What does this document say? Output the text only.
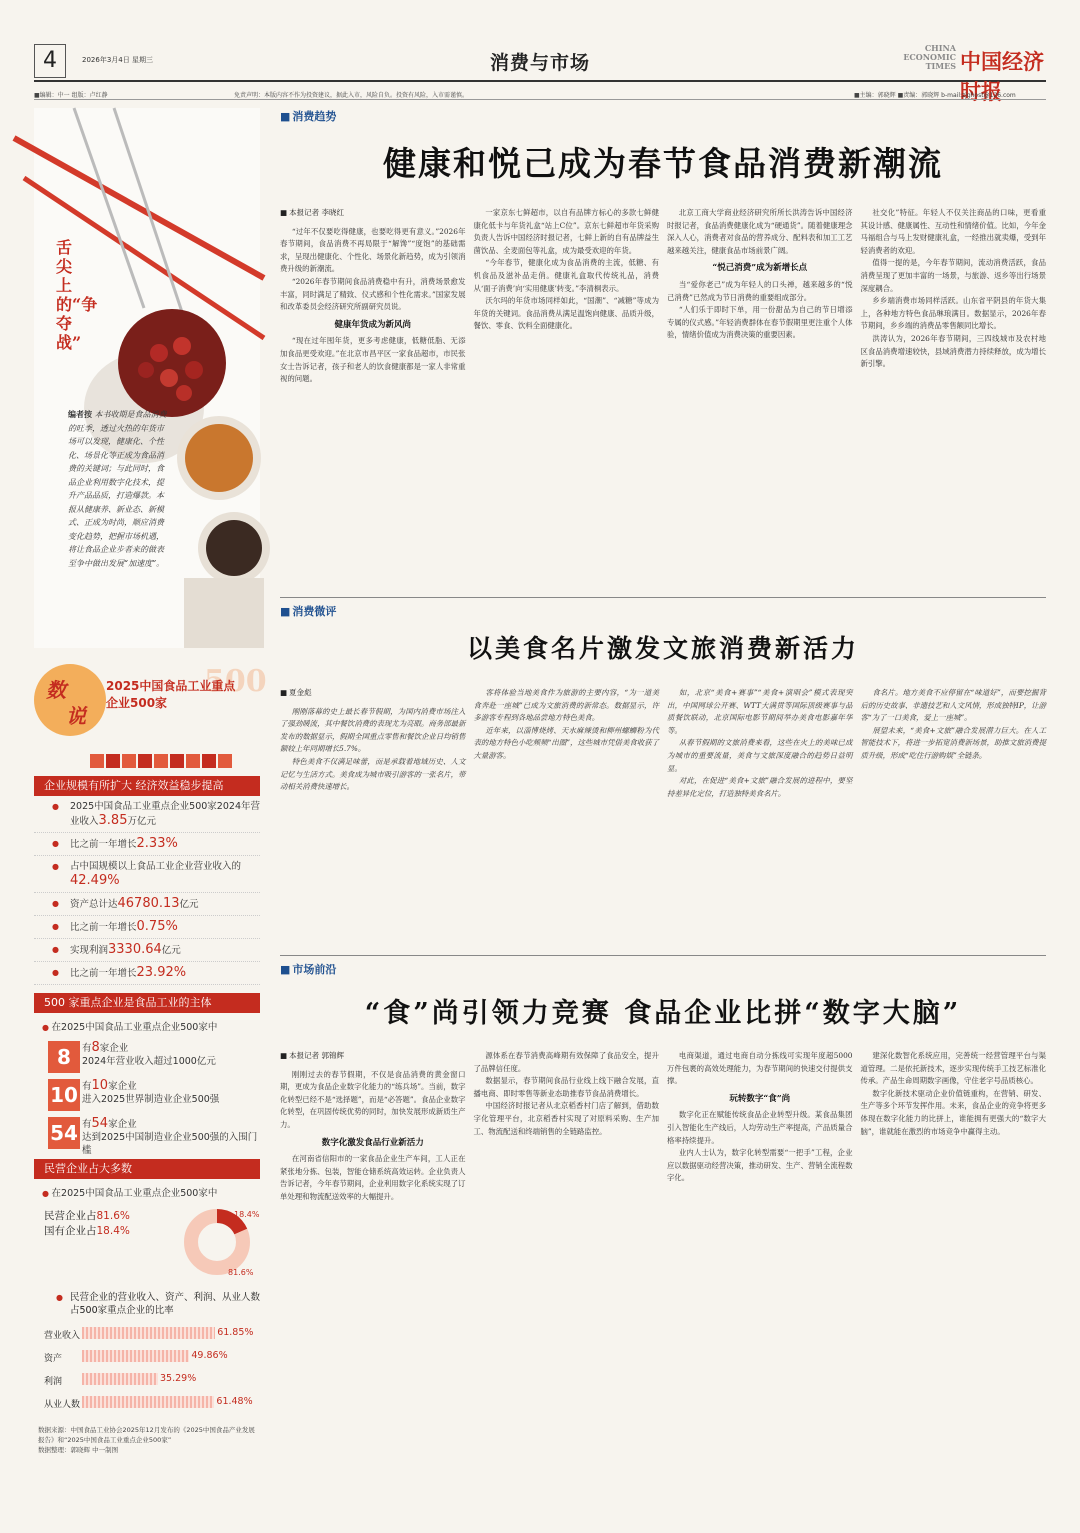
4	2026年3月4日 星期三	消费与市场
CHINA ECONOMIC TIMES 中国经济时报
■编辑：中一 组版：卢红静	免责声明：本版内容不作为投资建议，据此入市，风险自负。投资有风险，入市需谨慎。	■主编：郭晓辉 ■责编：郭晓辉 b-mail:zjghost@126.com
舌尖上的“争夺战”
编者按 本书收期是食品消费的旺季，透过火热的年货市场可以发现，健康化、个性化、场景化等正成为食品消费的关键词；与此同时，食品企业利用数字化技术，提升产品品质，打造爆款。本报从健康养、新业态、新模式、正成为时尚，顺应消费变化趋势，把握市场机遇，将让食品企业步者来的做表至争中做出发展“加速度”。
数
说
500
2025中国食品工业重点企业500家
企业规模有所扩大 经济效益稳步提高
● 2025中国食品工业重点企业500家2024年营业收入3.85万亿元
● 比之前一年增长2.33%
● 占中国规模以上食品工业企业营业收入的42.49%
● 资产总计达46780.13亿元
● 比之前一年增长0.75%
● 实现利润3330.64亿元
● 比之前一年增长23.92%
500 家重点企业是食品工业的主体
● 在2025中国食品工业重点企业500家中
8	有8家企业
2024年营业收入超过1000亿元
10 有10家企业
进入2025世界制造业企业500强
54 有54家企业
达到2025中国制造业企业500强的入围门槛
民营企业占大多数
● 在2025中国食品工业重点企业500家中
民营企业占81.6%
国有企业占18.4%
18.4%
81.6%
● 民营企业的营业收入、资产、利润、从业人数占500家重点企业的比率
营业收入	61.85%
资产	49.86%
利润	35.29%
从业人数	61.48%
数据来源：中国食品工业协会2025年12月发布的《2025中国食品产业发展报告》和“2025中国食品工业重点企业500家”
数据整理：郭晓辉 中一制图
■ 消费趋势
健康和悦己成为春节食品消费新潮流
■ 本报记者 李晓红

“过年不仅要吃得健康，也要吃得更有意义。”2026年春节期间，食品消费不再局限于“解馋”“度饱”的基础需求，呈现出健康化、个性化、场景化新趋势，成为引领消费升级的新潮流。

“2026年春节期间食品消费稳中有升，消费场景愈发丰富，同时满足了精致、仪式感和个性化需求。”国家发展和改革委员会经济研究所副研究员说。

健康年货成为新风尚

“现在过年囤年货，更多考虑健康，低糖低脂、无添加食品更受欢迎。”在北京市昌平区一家食品超市，市民张女士告诉记者，孩子和老人的饮食健康都是一家人非常重视的问题。

一家京东七鲜超市，以自有品牌方标心的多款七鲜健康化低卡与年货礼盒“站上C位”。京东七鲜超市年货采购负责人告诉中国经济时报记者，七鲜上新的自有品牌益生菌饮品、全麦面包等礼盒，成为最受欢迎的年货。

“今年春节，健康化成为食品消费的主流，低糖、有机食品及滋补品走俏。健康礼盒取代传统礼品，消费从‘面子消费’向‘实用健康’转变。”李清桐表示。

沃尔玛的年货市场同样如此，“国潮”、“减糖”等成为年货的关键词。食品消费从满足温饱向健康、品质升级，餐饮、零食、饮料全面健康化。

北京工商大学商业经济研究所所长洪涛告诉中国经济时报记者，食品消费健康化成为“硬通货”。随着健康理念深入人心，消费者对食品的营养成分、配料表和加工工艺越来越关注，健康食品市场前景广阔。

“悦己消费”成为新增长点

当“爱你老己”成为年轻人的口头禅，越来越多的“悦己消费”已然成为节日消费的重要组成部分。

“人们乐于即时下单，用一份甜品为自己的节日增添专属的仪式感。”年轻消费群体在春节假期里更注重个人体验，情绪价值成为消费决策的重要因素。

社交化”特征。年轻人不仅关注商品的口味，更看重其设计感、健康属性、互动性和情绪价值。比如，今年金马福组合与马上发财健康礼盒，一经推出就卖爆，受到年轻消费者的欢迎。

值得一提的是，今年春节期间，流动消费活跃，食品消费呈现了更加丰富的一场景，与旅游、返乡等出行场景深度耦合。

乡乡端消费市场同样活跃。山东省平阴县的年货大集上，各种地方特色食品琳琅满目。数据显示，2026年春节期间，乡乡端的消费品零售额同比增长。

洪涛认为，2026年春节期间，三四线城市及农村地区食品消费增速较快，县域消费潜力持续释放，成为增长新引擎。

■ 消费微评
以美食名片激发文旅消费新活力
■ 夏金彪

刚刚落幕的史上最长春节假期，为国内消费市场注入了强劲暖流，其中餐饮消费的表现尤为亮眼。商务部最新发布的数据显示，假期全国重点零售和餐饮企业日均销售额较上年同期增长5.7%。

特色美食不仅满足味蕾，而是承载着地域历史、人文记忆与生活方式。美食成为城市吸引游客的一张名片，带动相关消费快速增长。

客将体验当地美食作为旅游的主要内容，“为一道美食奔赴一座城”已成为文旅消费的新常态。数据显示，许多游客专程到各地品尝地方特色美食。

近年来，以淄博烧烤、天水麻辣烫和柳州螺蛳粉为代表的地方特色小吃频频“出圈”，这些城市凭借美食收获了大量游客。

如，北京“美食+赛事”“美食+演唱会”模式表现突出，中国网球公开赛、WTT大满贯等国际顶级赛事与品质餐饮联动，北京国际电影节期间举办美食电影嘉年华等。

从春节假期的文旅消费来看，这些在火上的美味已成为城市的重要流量，美食与文旅深度融合的趋势日益明显。

对此，在促进“美食+文旅”融合发展的进程中，要坚持差异化定位，打造独特美食名片。

食名片。地方美食不应停留在“味道好”，而要挖掘背后的历史故事、非遗技艺和人文风情，形成独特IP，让游客“为了一口美食，爱上一座城”。

展望未来，“美食+文旅”融合发展潜力巨大。在人工智能技术下，将进一步拓宽消费新场景，助推文旅消费提质升级，形成“吃住行游购娱”全链条。

■ 市场前沿
“食”尚引领力竞赛 食品企业比拼“数字大脑”
■ 本报记者 郭锦辉

刚刚过去的春节假期，不仅是食品消费的黄金窗口期，更成为食品企业数字化能力的“练兵场”。当前，数字化转型已经不是“选择题”，而是“必答题”。食品企业数字化转型，在巩固传统优势的同时，加快发展形成新质生产力。

数字化激发食品行业新活力

在河南省信阳市的一家食品企业生产车间，工人正在紧张地分拣、包装，智能仓储系统高效运转。企业负责人告诉记者，今年春节期间，企业利用数字化系统实现了订单处理和物流配送效率的大幅提升。

源体系在春节消费高峰期有效保障了食品安全，提升了品牌信任度。

数据显示，春节期间食品行业线上线下融合发展，直播电商、即时零售等新业态助推春节食品消费增长。

中国经济时报记者从北京稻香村门店了解到，借助数字化管理平台，北京稻香村实现了对原料采购、生产加工、物流配送和终端销售的全链路监控。

电商渠道，通过电商自动分拣线可实现年度超5000万件包裹的高效处理能力，为春节期间的快速交付提供支撑。

玩转数字“食”尚

数字化正在赋能传统食品企业转型升级。某食品集团引入智能化生产线后，人均劳动生产率提高，产品质量合格率持续提升。

业内人士认为，数字化转型需要“一把手”工程，企业应以数据驱动经营决策，推动研发、生产、营销全流程数字化。

建深化数智化系统应用，完善统一经营管理平台与渠道管理。二是依托新技术，逐步实现传统手工技艺标准化传承。产品生命周期数字画像，守住老字号品质核心。

数字化新技术驱动企业价值链重构，在营销、研发、生产等多个环节发挥作用。未来，食品企业的竞争将更多体现在数字化能力的比拼上，谁能拥有更强大的“数字大脑”，谁就能在激烈的市场竞争中赢得主动。
